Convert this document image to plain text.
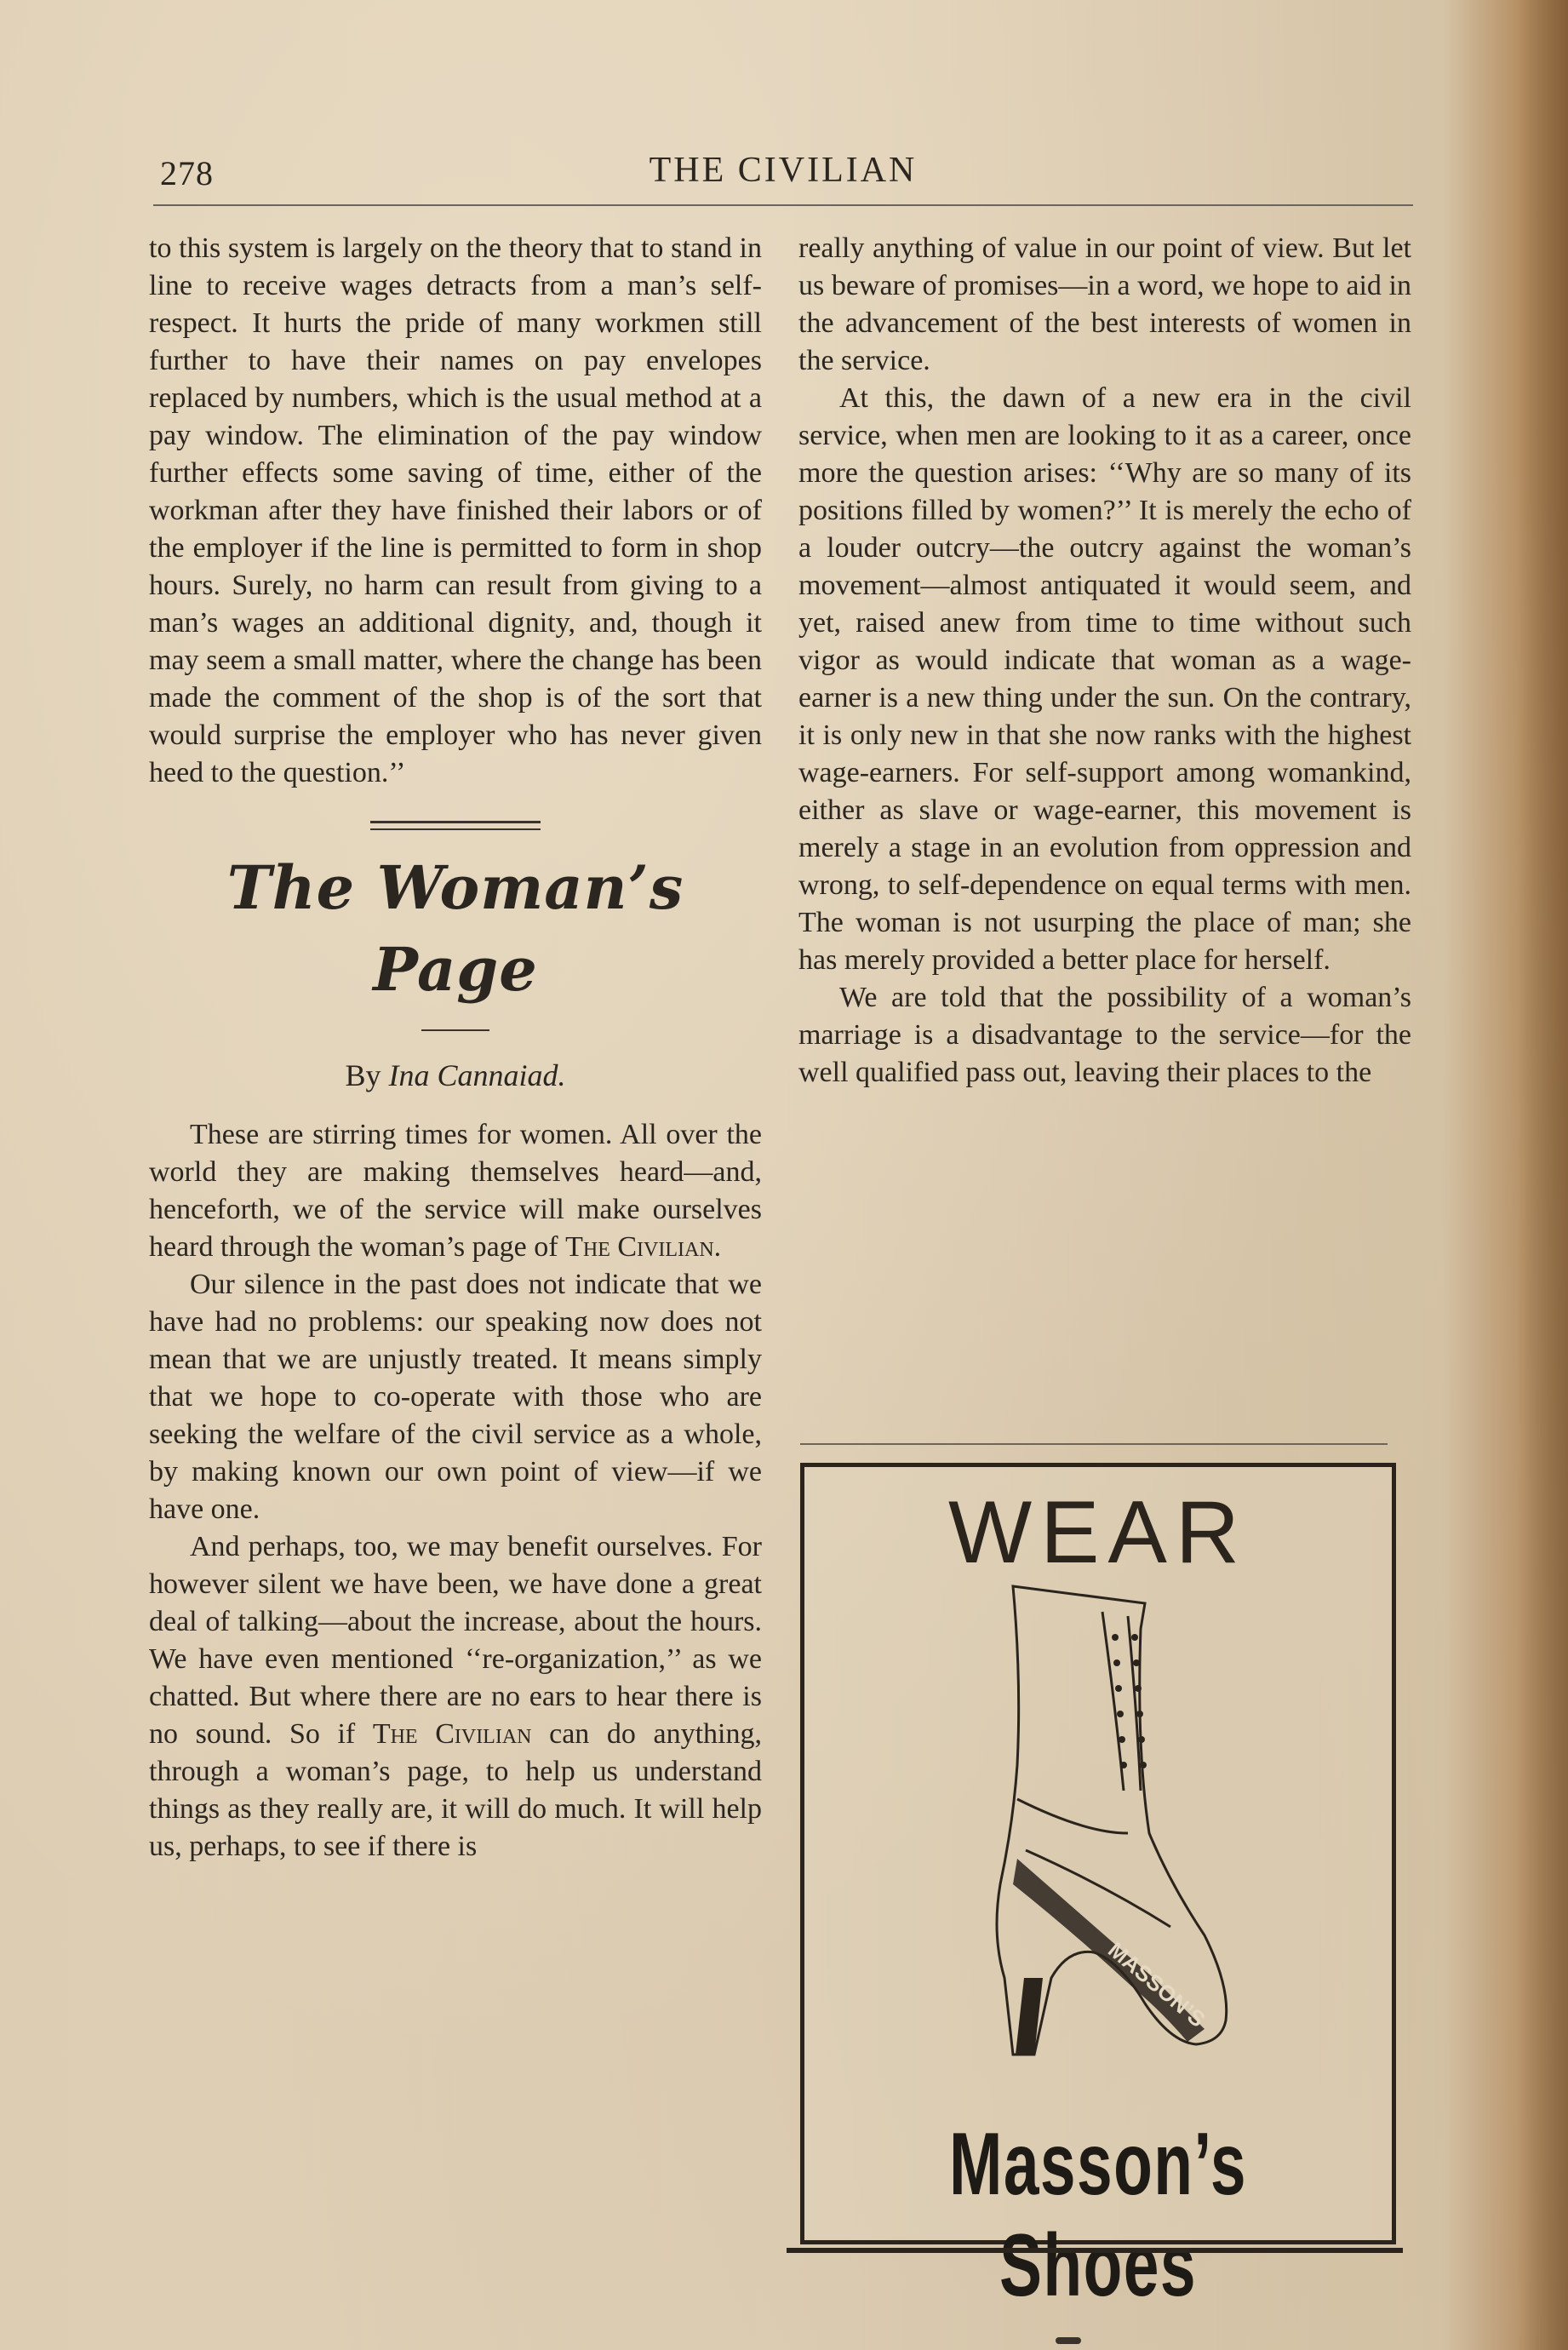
278	THE CIVILIAN

to this system is largely on the theory that to stand in line to receive wages detracts from a man’s self-respect. It hurts the pride of many workmen still further to have their names on pay envelopes replaced by numbers, which is the usual method at a pay window. The elimination of the pay window further effects some saving of time, either of the workman after they have finished their labors or of the employer if the line is permitted to form in shop hours. Surely, no harm can result from giving to a man’s wages an additional dignity, and, though it may seem a small matter, where the change has been made the comment of the shop is of the sort that would surprise the employer who has never given heed to the question.’’

The Woman’s Page
By Ina Cannaiad.

These are stirring times for women. All over the world they are making themselves heard—and, henceforth, we of the service will make ourselves heard through the woman’s page of The Civilian.

Our silence in the past does not indicate that we have had no problems: our speaking now does not mean that we are unjustly treated. It means simply that we hope to co-operate with those who are seeking the welfare of the civil service as a whole, by making known our own point of view—if we have one.

And perhaps, too, we may benefit ourselves. For however silent we have been, we have done a great deal of talking—about the increase, about the hours. We have even mentioned ‘‘re-organization,’’ as we chatted. But where there are no ears to hear there is no sound. So if The Civilian can do anything, through a woman’s page, to help us understand things as they really are, it will do much. It will help us, perhaps, to see if there is

really anything of value in our point of view. But let us beware of promises—in a word, we hope to aid in the advancement of the best interests of women in the service.

At this, the dawn of a new era in the civil service, when men are looking to it as a career, once more the question arises: ‘‘Why are so many of its positions filled by women?’’ It is merely the echo of a louder outcry—the outcry against the woman’s movement—almost antiquated it would seem, and yet, raised anew from time to time without such vigor as would indicate that woman as a wage-earner is a new thing under the sun. On the contrary, it is only new in that she now ranks with the highest wage-earners. For self-support among womankind, either as slave or wage-earner, this movement is merely a stage in an evolution from oppression and wrong, to self-dependence on equal terms with men. The woman is not usurping the place of man; she has merely provided a better place for herself.

We are told that the possibility of a woman’s marriage is a disadvantage to the service—for the well qualified pass out, leaving their places to the

WEAR
MASSON’S
Masson’s Shoes
